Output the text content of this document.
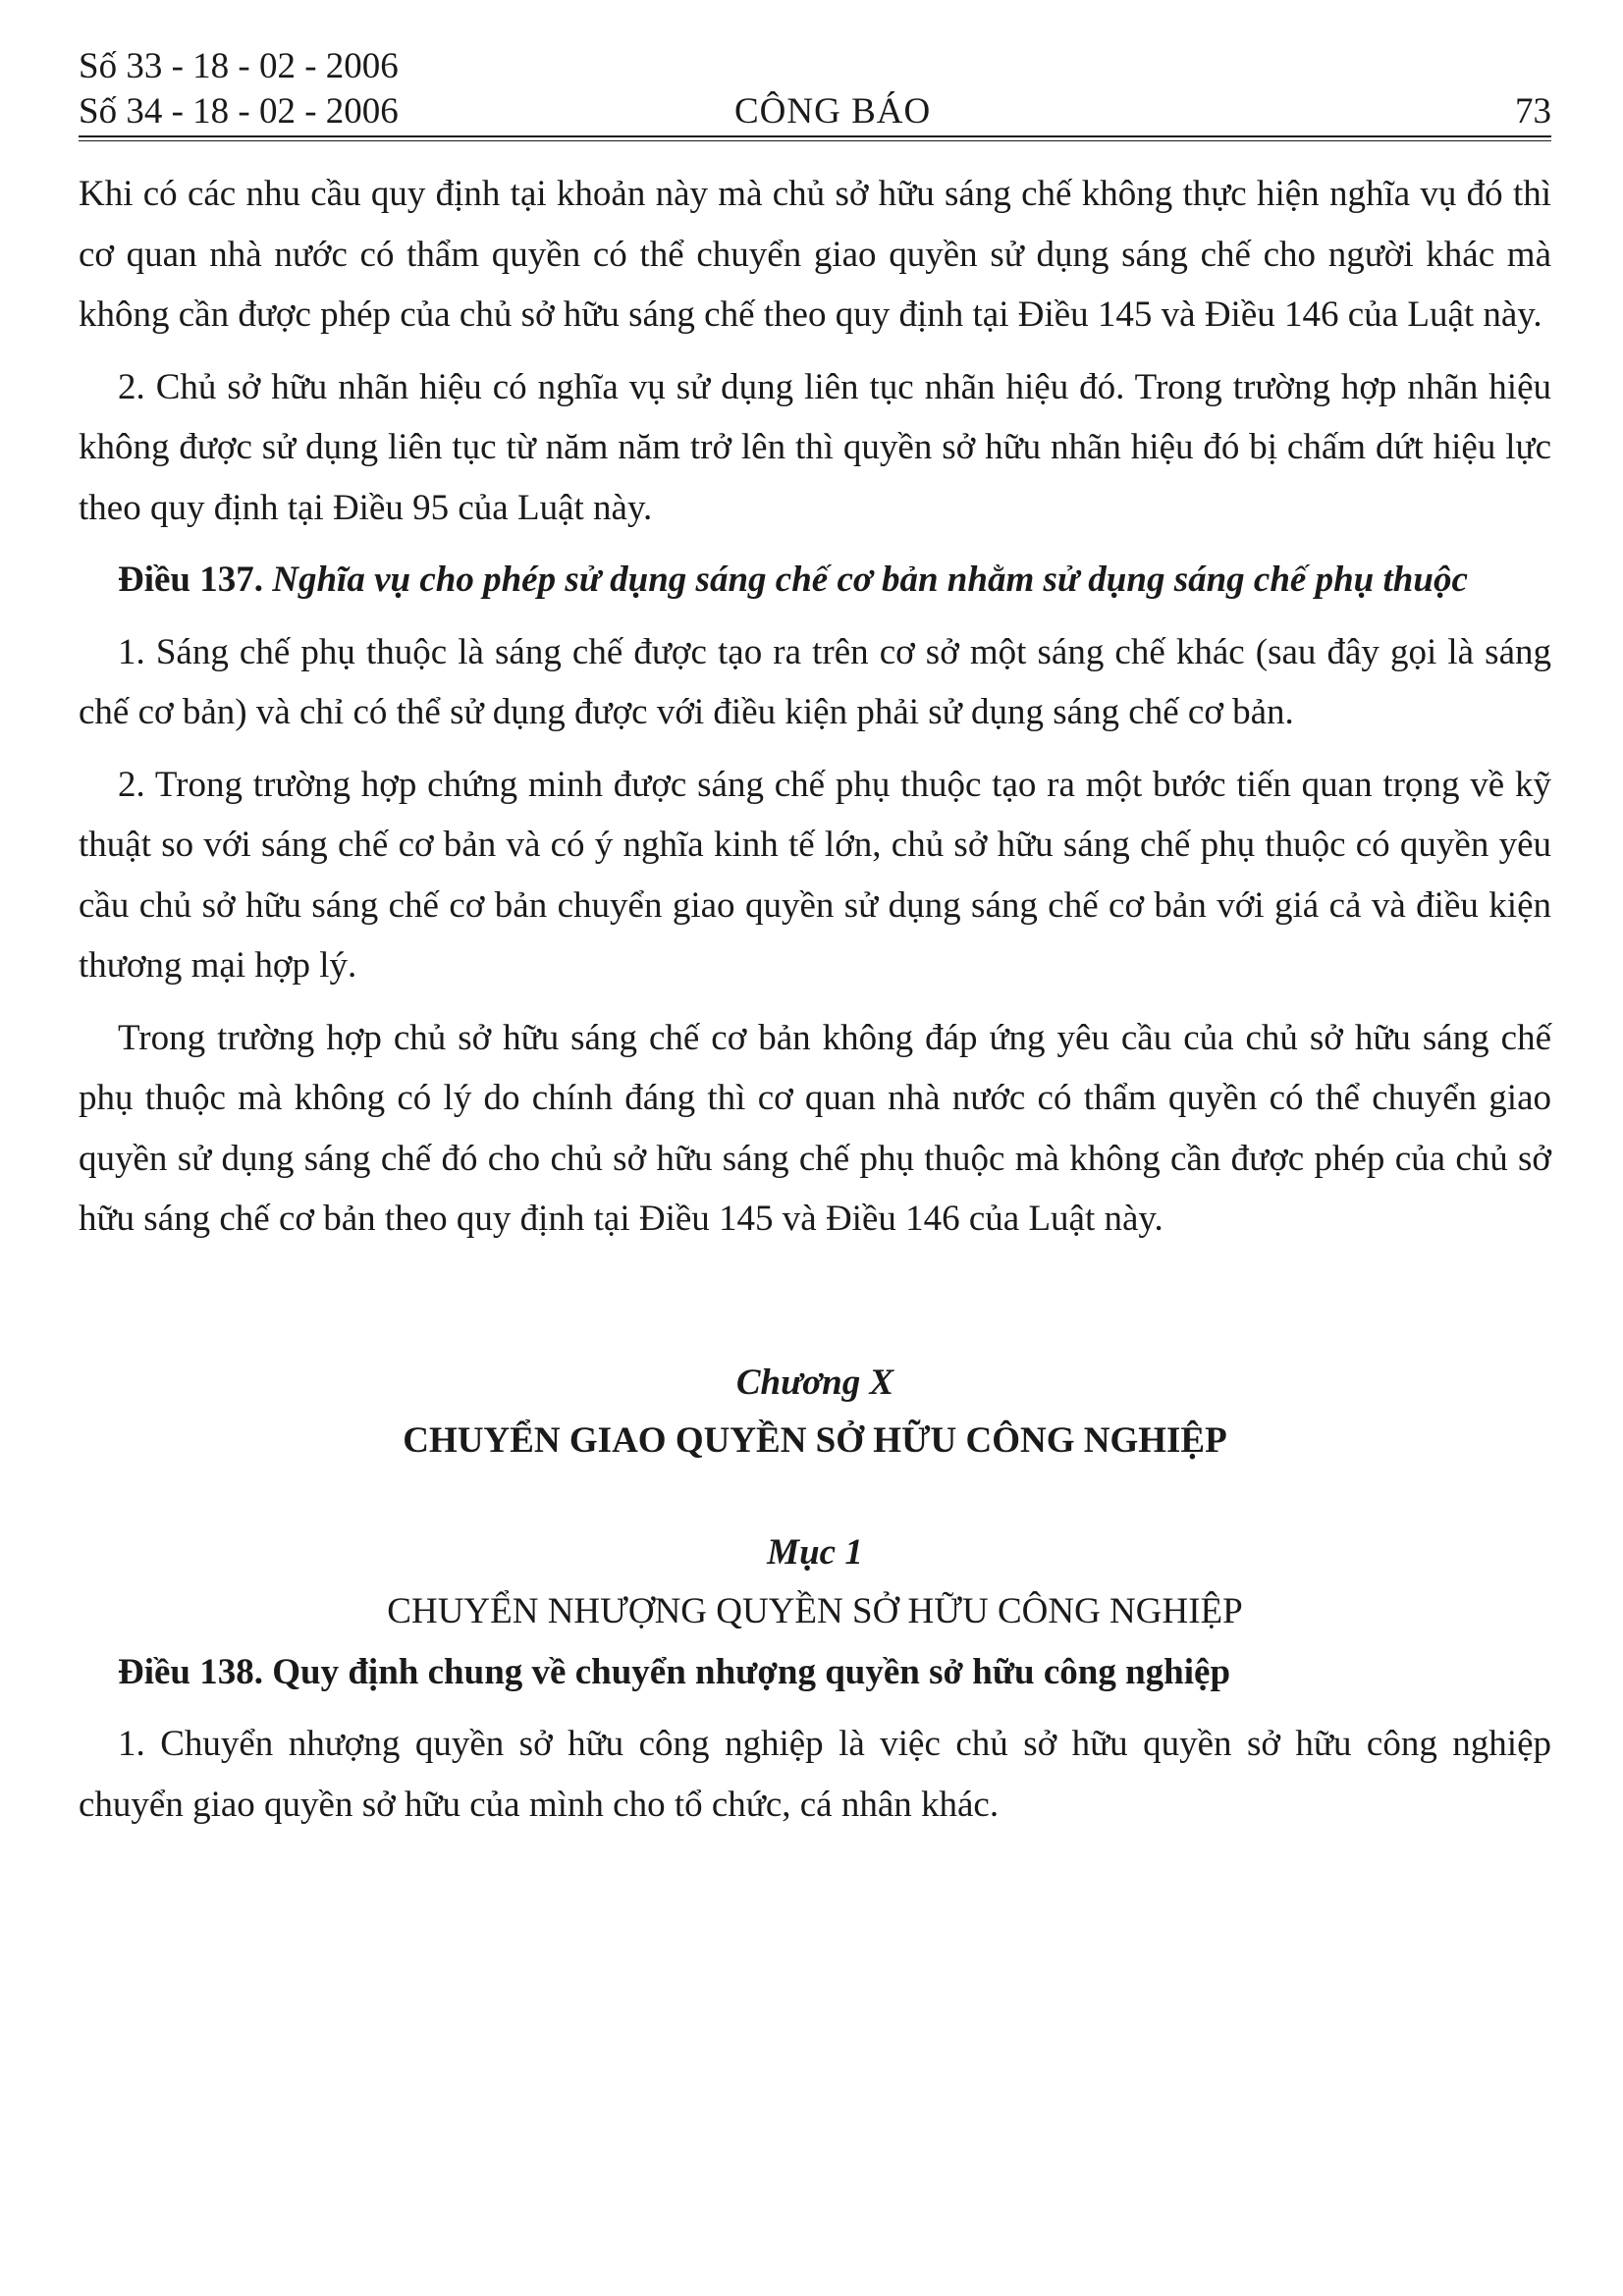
Số 33 - 18 - 02 - 2006
Số 34 - 18 - 02 - 2006	CÔNG BÁO	73

Khi có các nhu cầu quy định tại khoản này mà chủ sở hữu sáng chế không thực hiện nghĩa vụ đó thì cơ quan nhà nước có thẩm quyền có thể chuyển giao quyền sử dụng sáng chế cho người khác mà không cần được phép của chủ sở hữu sáng chế theo quy định tại Điều 145 và Điều 146 của Luật này.

2. Chủ sở hữu nhãn hiệu có nghĩa vụ sử dụng liên tục nhãn hiệu đó. Trong trường hợp nhãn hiệu không được sử dụng liên tục từ năm năm trở lên thì quyền sở hữu nhãn hiệu đó bị chấm dứt hiệu lực theo quy định tại Điều 95 của Luật này.

Điều 137. Nghĩa vụ cho phép sử dụng sáng chế cơ bản nhằm sử dụng sáng chế phụ thuộc

1. Sáng chế phụ thuộc là sáng chế được tạo ra trên cơ sở một sáng chế khác (sau đây gọi là sáng chế cơ bản) và chỉ có thể sử dụng được với điều kiện phải sử dụng sáng chế cơ bản.

2. Trong trường hợp chứng minh được sáng chế phụ thuộc tạo ra một bước tiến quan trọng về kỹ thuật so với sáng chế cơ bản và có ý nghĩa kinh tế lớn, chủ sở hữu sáng chế phụ thuộc có quyền yêu cầu chủ sở hữu sáng chế cơ bản chuyển giao quyền sử dụng sáng chế cơ bản với giá cả và điều kiện thương mại hợp lý.

Trong trường hợp chủ sở hữu sáng chế cơ bản không đáp ứng yêu cầu của chủ sở hữu sáng chế phụ thuộc mà không có lý do chính đáng thì cơ quan nhà nước có thẩm quyền có thể chuyển giao quyền sử dụng sáng chế đó cho chủ sở hữu sáng chế phụ thuộc mà không cần được phép của chủ sở hữu sáng chế cơ bản theo quy định tại Điều 145 và Điều 146 của Luật này.

Chương X
CHUYỂN GIAO QUYỀN SỞ HỮU CÔNG NGHIỆP
Mục 1
CHUYỂN NHƯỢNG QUYỀN SỞ HỮU CÔNG NGHIỆP

Điều 138. Quy định chung về chuyển nhượng quyền sở hữu công nghiệp

1. Chuyển nhượng quyền sở hữu công nghiệp là việc chủ sở hữu quyền sở hữu công nghiệp chuyển giao quyền sở hữu của mình cho tổ chức, cá nhân khác.
